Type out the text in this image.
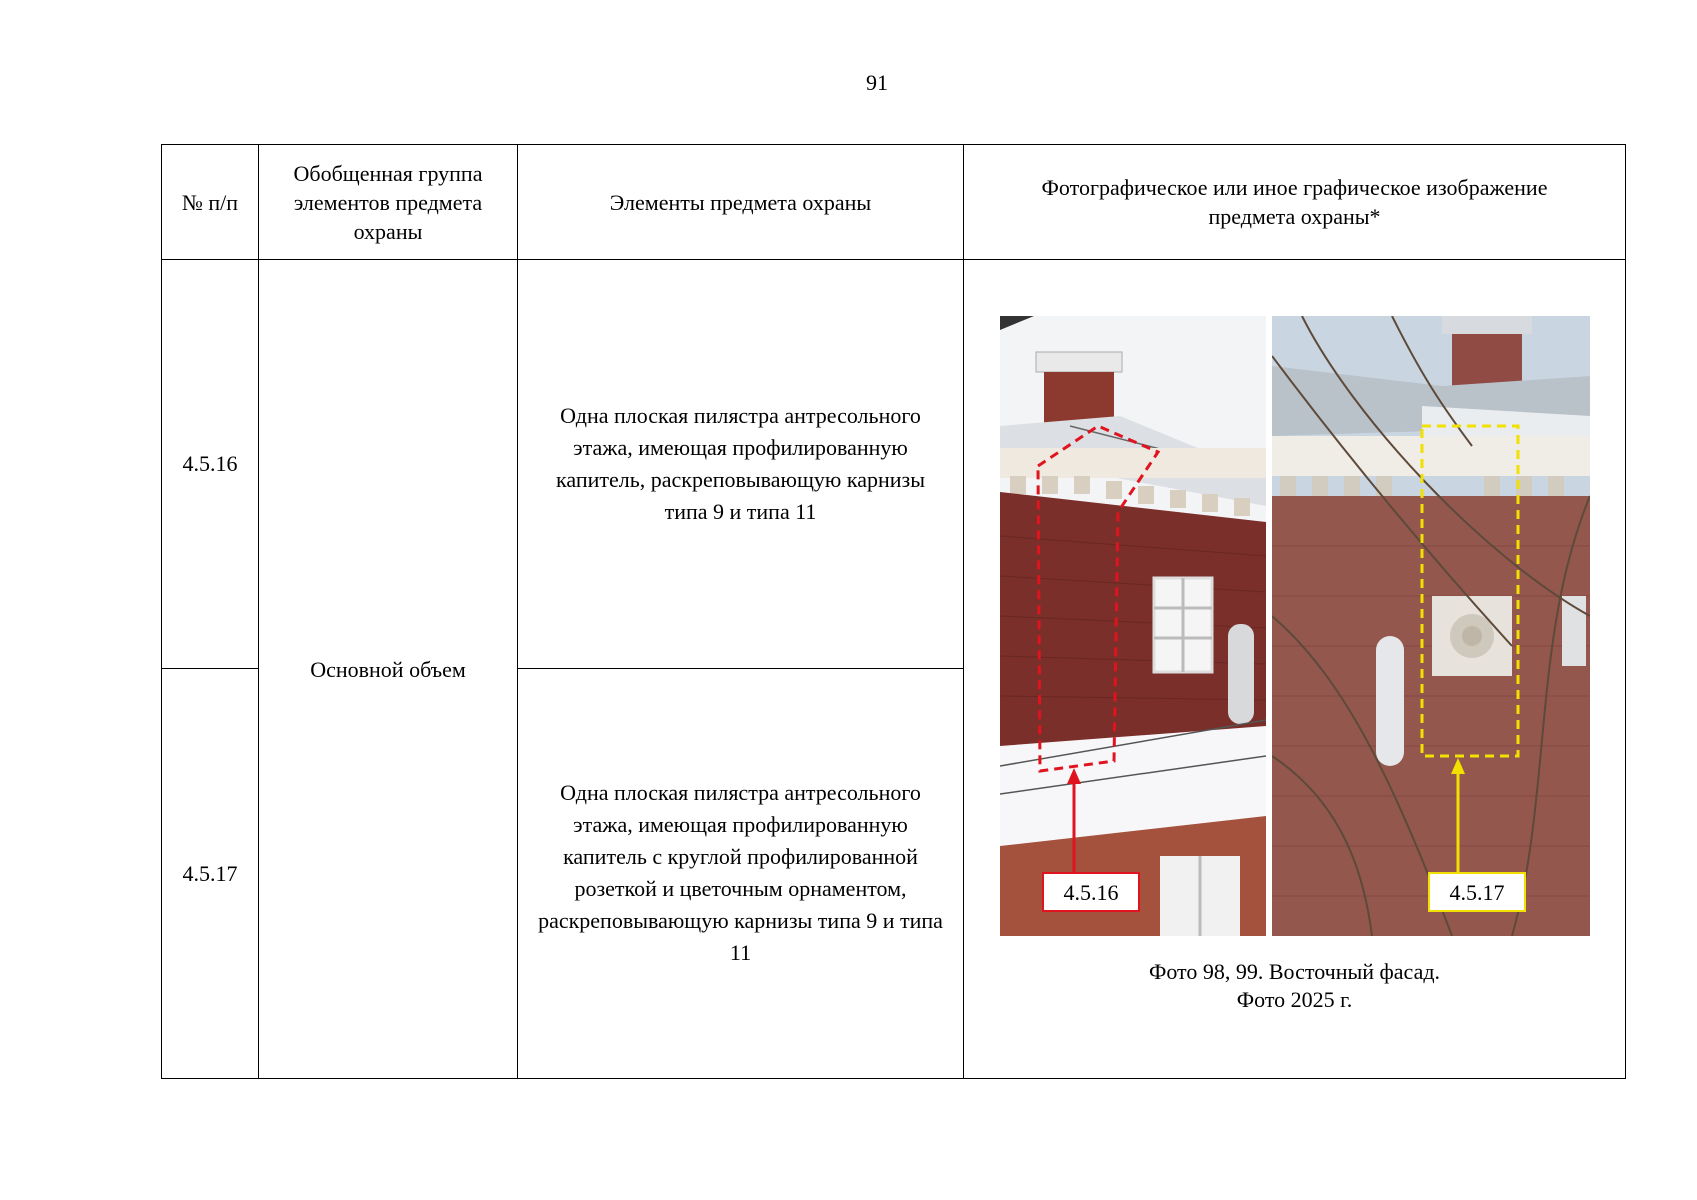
91
№ п/п	Обобщенная группа элементов предмета охраны	Элементы предмета охраны	Фотографическое или иное графическое изображение предмета охраны*

4.5.16	Основной объем	Одна плоская пилястра антресольного этажа, имеющая профилированную капитель, раскреповывающую карнизы типа 9 и типа 11	4.5.16 4.5.17
Фото 98, 99. Восточный фасад.
Фото 2025 г.

4.5.17		Одна плоская пилястра антресольного этажа, имеющая профилированную капитель с круглой профилированной розеткой и цветочным орнаментом, раскреповывающую карнизы типа 9 и типа 11	
